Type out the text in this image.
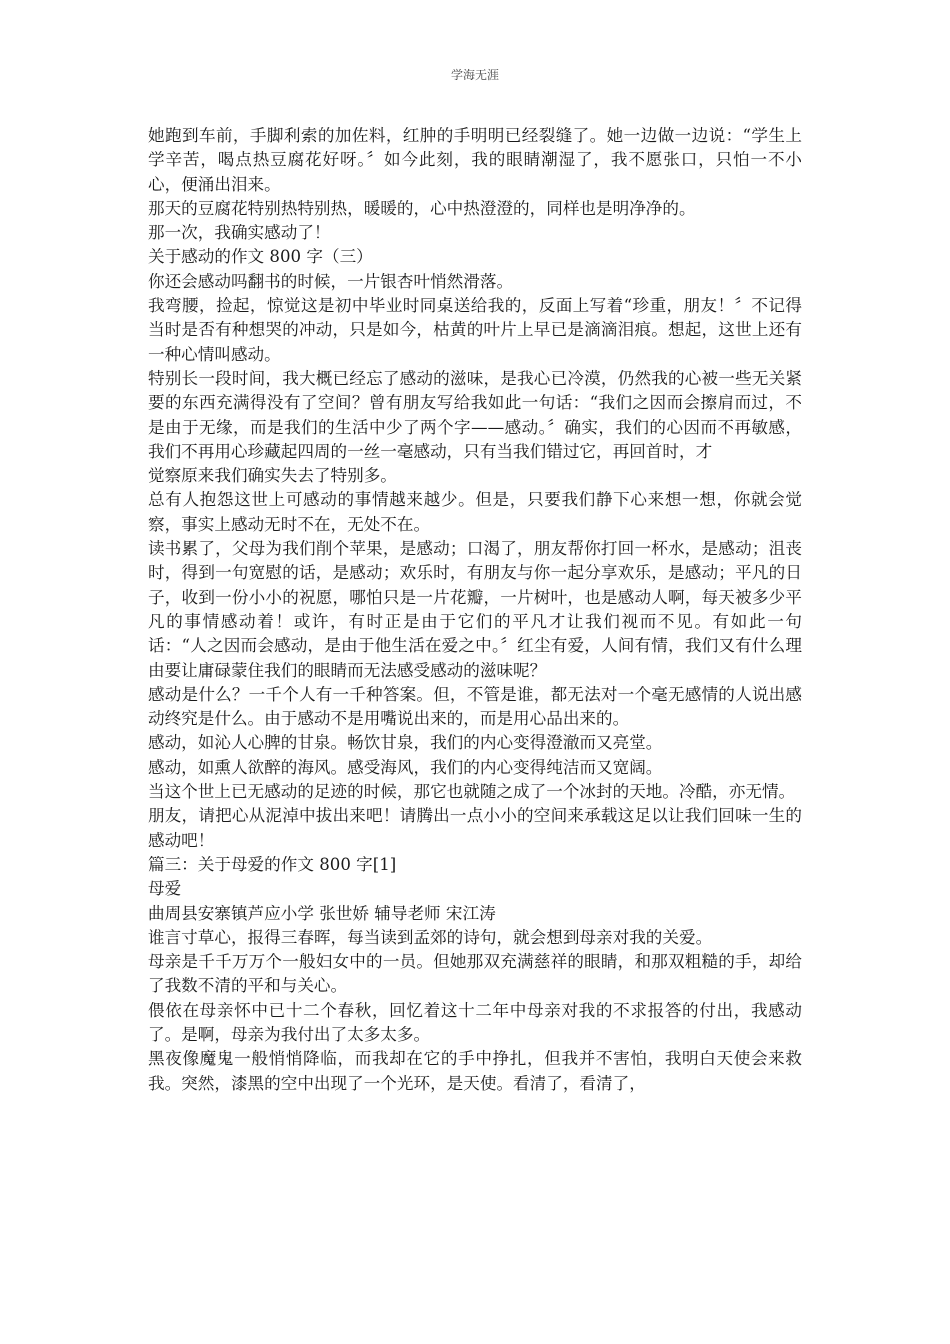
学海无涯

她跑到车前，手脚利索的加佐料，红肿的手明明已经裂缝了。她一边做一边说：“学生上学辛苦，喝点热豆腐花好呀。〞如今此刻，我的眼睛潮湿了，我不愿张口，只怕一不小心，便涌出泪来。

那天的豆腐花特别热特别热，暖暖的，心中热澄澄的，同样也是明净净的。

那一次，我确实感动了！

关于感动的作文 800 字（三）

你还会感动吗翻书的时候，一片银杏叶悄然滑落。

我弯腰，捡起，惊觉这是初中毕业时同桌送给我的，反面上写着“珍重，朋友！〞不记得当时是否有种想哭的冲动，只是如今，枯黄的叶片上早已是滴滴泪痕。想起，这世上还有一种心情叫感动。

特别长一段时间，我大概已经忘了感动的滋味，是我心已冷漠，仍然我的心被一些无关紧要的东西充满得没有了空间？曾有朋友写给我如此一句话：“我们之因而会擦肩而过，不是由于无缘，而是我们的生活中少了两个字——感动。〞确实，我们的心因而不再敏感，我们不再用心珍藏起四周的一丝一毫感动，只有当我们错过它，再回首时，才

觉察原来我们确实失去了特别多。

总有人抱怨这世上可感动的事情越来越少。但是，只要我们静下心来想一想，你就会觉察，事实上感动无时不在，无处不在。

读书累了，父母为我们削个苹果，是感动；口渴了，朋友帮你打回一杯水，是感动；沮丧时，得到一句宽慰的话，是感动；欢乐时，有朋友与你一起分享欢乐，是感动；平凡的日子，收到一份小小的祝愿，哪怕只是一片花瓣，一片树叶，也是感动人啊，每天被多少平凡的事情感动着！或许，有时正是由于它们的平凡才让我们视而不见。有如此一句话：“人之因而会感动，是由于他生活在爱之中。〞红尘有爱，人间有情，我们又有什么理由要让庸碌蒙住我们的眼睛而无法感受感动的滋味呢？

感动是什么？一千个人有一千种答案。但，不管是谁，都无法对一个毫无感情的人说出感动终究是什么。由于感动不是用嘴说出来的，而是用心品出来的。

感动，如沁人心脾的甘泉。畅饮甘泉，我们的内心变得澄澈而又亮堂。

感动，如熏人欲醉的海风。感受海风，我们的内心变得纯洁而又宽阔。

当这个世上已无感动的足迹的时候，那它也就随之成了一个冰封的天地。冷酷，亦无情。

朋友，请把心从泥淖中拔出来吧！请腾出一点小小的空间来承载这足以让我们回味一生的感动吧！

篇三：关于母爱的作文 800 字[1]

母爱

曲周县安寨镇芦应小学 张世娇 辅导老师 宋江涛

谁言寸草心，报得三春晖，每当读到孟郊的诗句，就会想到母亲对我的关爱。

母亲是千千万万个一般妇女中的一员。但她那双充满慈祥的眼睛，和那双粗糙的手，却给了我数不清的平和与关心。

偎依在母亲怀中已十二个春秋，回忆着这十二年中母亲对我的不求报答的付出，我感动了。是啊，母亲为我付出了太多太多。

黑夜像魔鬼一般悄悄降临，而我却在它的手中挣扎，但我并不害怕，我明白天使会来救我。突然，漆黑的空中出现了一个光环，是天使。看清了，看清了，
